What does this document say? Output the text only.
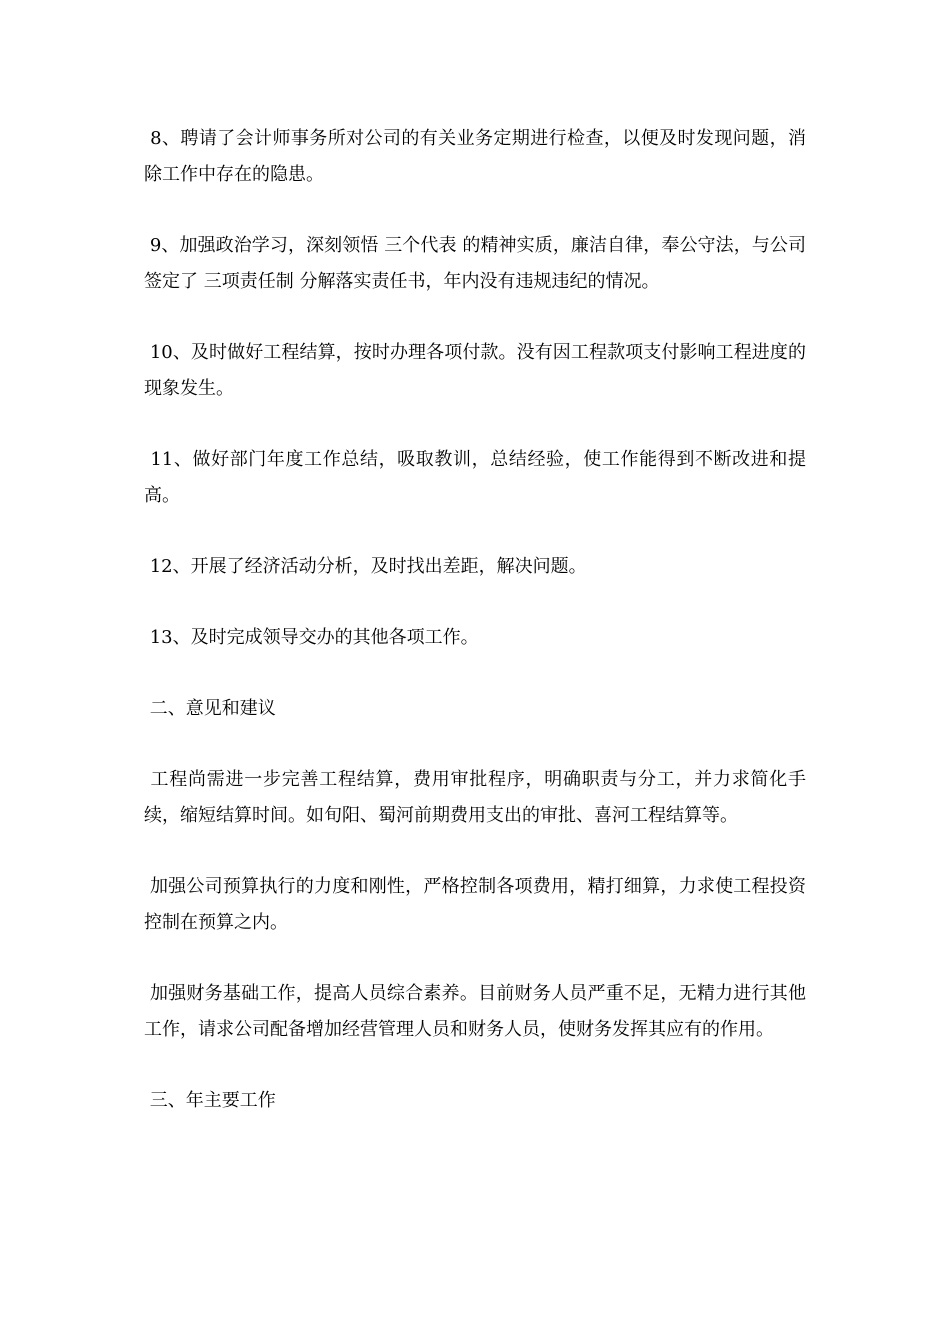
8、聘请了会计师事务所对公司的有关业务定期进行检查，以便及时发现问题，消除工作中存在的隐患。

9、加强政治学习，深刻领悟 三个代表 的精神实质，廉洁自律，奉公守法，与公司签定了 三项责任制 分解落实责任书，年内没有违规违纪的情况。

10、及时做好工程结算，按时办理各项付款。没有因工程款项支付影响工程进度的现象发生。

11、做好部门年度工作总结，吸取教训，总结经验，使工作能得到不断改进和提高。

12、开展了经济活动分析，及时找出差距，解决问题。

13、及时完成领导交办的其他各项工作。

二、意见和建议

工程尚需进一步完善工程结算，费用审批程序，明确职责与分工，并力求简化手续，缩短结算时间。如旬阳、蜀河前期费用支出的审批、喜河工程结算等。

加强公司预算执行的力度和刚性，严格控制各项费用，精打细算，力求使工程投资控制在预算之内。

加强财务基础工作，提高人员综合素养。目前财务人员严重不足，无精力进行其他工作，请求公司配备增加经营管理人员和财务人员，使财务发挥其应有的作用。

三、年主要工作
